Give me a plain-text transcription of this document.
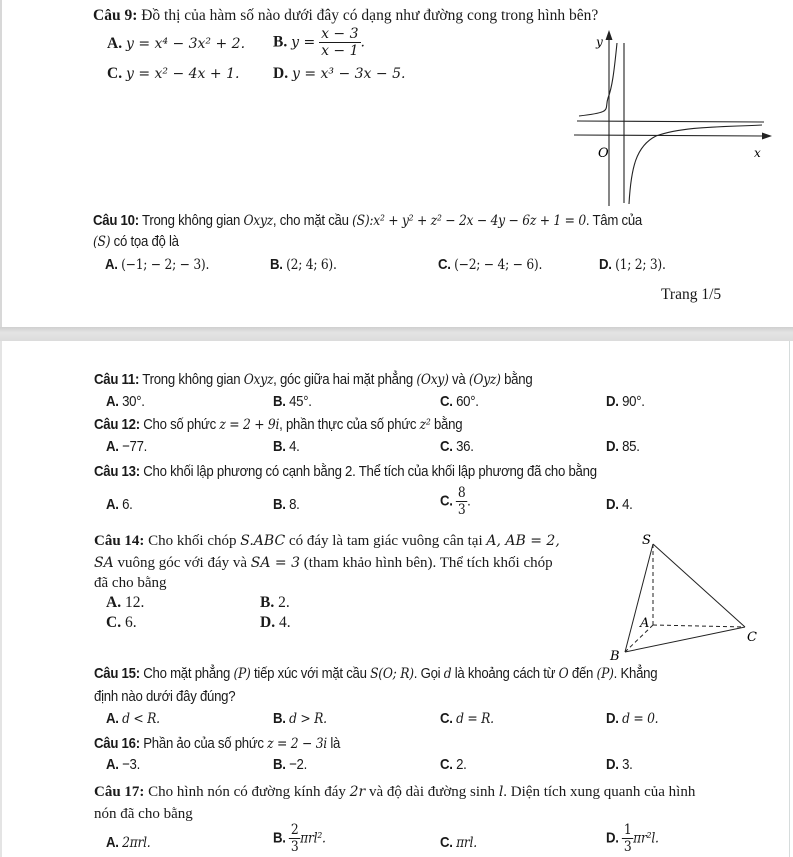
Câu 9: Đồ thị của hàm số nào dưới đây có dạng như đường cong trong hình bên?
A. y = x⁴ − 3x² + 2. B. $y = \frac{x - 3}{x - 1}$ .
C. y = x² − 4x + 1. D. y = x³ − 3x − 5.
y
O	x
Câu 10: Trong không gian Oxyz, cho mặt cầu (S):x² + y² + z² − 2x − 4y − 6z + 1 = 0. Tâm của
(S) có tọa độ là
A. (−1; − 2; − 3).	B. (2; 4; 6).	C. (−2; − 4; − 6).	D. (1; 2; 3).
Trang 1/5
Câu 11: Trong không gian Oxyz, góc giữa hai mặt phẳng (Oxy) và (Oyz) bằng
A. 30°.	B. 45°.	C. 60°.	D. 90°.
Câu 12: Cho số phức z = 2 + 9i, phần thực của số phức z² bằng
A. −77.	B. 4.	C. 36.	D. 85.
Câu 13: Cho khối lập phương có cạnh bằng 2. Thể tích của khối lập phương đã cho bằng
A. 6.	B. 8.	C. $\frac{8}{3}$ .	D. 4.
Câu 14: Cho khối chóp S.ABC có đáy là tam giác vuông cân tại A, AB = 2,
SA vuông góc với đáy và SA = 3 (tham khảo hình bên). Thể tích khối chóp
đã cho bằng
A. 12.	B. 2.
C. 6.	D. 4.
S
A
B
C
Câu 15: Cho mặt phẳng (P) tiếp xúc với mặt cầu S(O; R). Gọi d là khoảng cách từ O đến (P). Khẳng
định nào dưới đây đúng?
A. d < R.	B. d > R.	C. d = R.	D. d = 0.
Câu 16: Phần ảo của số phức z = 2 − 3i là
A. −3.	B. −2.	C. 2.	D. 3.
Câu 17: Cho hình nón có đường kính đáy 2r và độ dài đường sinh l. Diện tích xung quanh của hình
nón đã cho bằng
A. 2πrl.	B. $\frac{2}{3} \pi rl^2$.	C. πrl.	D. $\frac{1}{3} \pi r^2l$.
